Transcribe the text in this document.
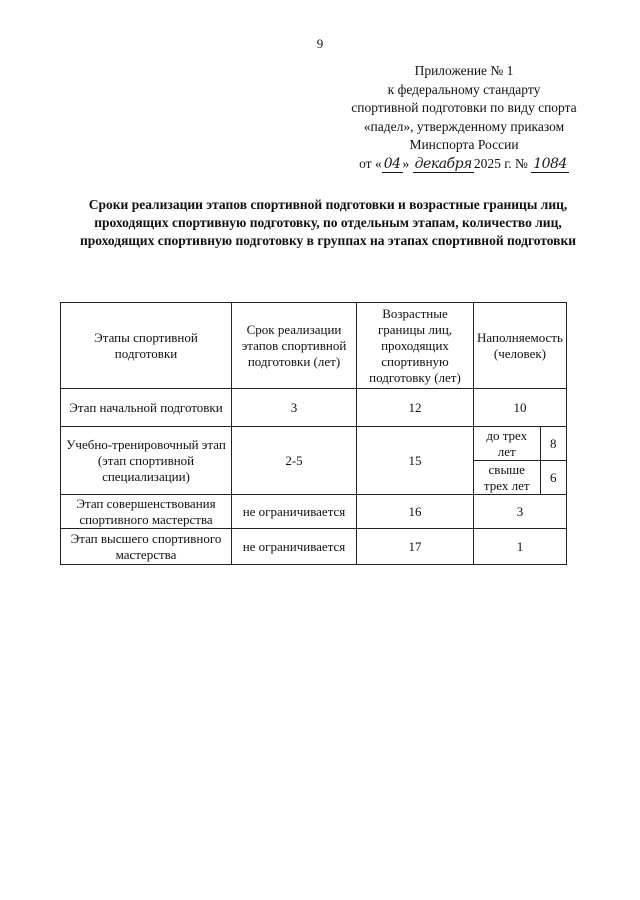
9
Приложение № 1
к федеральному стандарту
спортивной подготовки по виду спорта
«падел», утвержденному приказом
Минспорта России
от « 04 » декабря 2025 г. № 1084
Сроки реализации этапов спортивной подготовки и возрастные границы лиц, проходящих спортивную подготовку, по отдельным этапам, количество лиц, проходящих спортивную подготовку в группах на этапах спортивной подготовки
Этапы спортивной подготовки	Срок реализации этапов спортивной подготовки (лет)	Возрастные границы лиц, проходящих спортивную подготовку (лет)	Наполняемость (человек)	
Этап начальной подготовки	3	12	10	
Учебно-тренировочный этап (этап спортивной специализации)	2-5	15	до трех лет	8
			свыше трех лет	6
Этап совершенствования спортивного мастерства	не ограничивается	16	3	
Этап высшего спортивного мастерства	не ограничивается	17	1	
